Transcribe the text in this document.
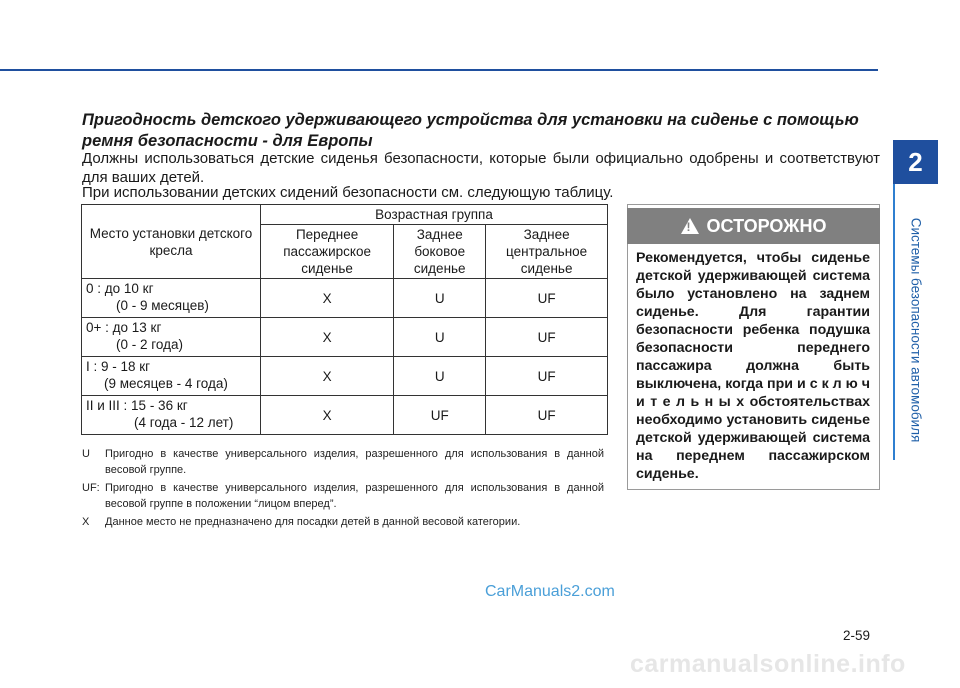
Пригодность детского удерживающего устройства для установки на сиденье с помощью ремня безопасности - для Европы
Должны использоваться детские сиденья безопасности, которые были официально одобрены и соответствуют для ваших детей.
При использовании детских сидений безопасности см. следующую таблицу.
Место установки детского кресла	Возрастная группа		
	Переднее пассажирское сиденье	Заднее боковое сиденье	Заднее центральное сиденье
0 : до 10 кг
(0 - 9 месяцев)	X	U	UF
0+ : до 13 кг
(0 - 2 года)	X	U	UF
I : 9 - 18 кг
(9 месяцев - 4 года)	X	U	UF
II и III : 15 - 36 кг
(4 года - 12 лет)	X	UF	UF
U	Пригодно в качестве универсального изделия, разрешенного для использования в данной весовой группе.
UF: Пригодно в качестве универсального изделия, разрешенного для использования в данной весовой группе в положении “лицом вперед”.
X	Данное место не предназначено для посадки детей в данной весовой категории.
!
ОСТОРОЖНО
Рекомендуется, чтобы сиденье детской удерживающей система было установлено на заднем сиденье. Для гарантии безопасности ребенка подушка безопасности переднего пассажира должна быть выключена, когда при и с к л ю ч и т е л ь н ы х обстоятельствах необходимо установить сиденье детской удерживающей система на переднем пассажирском сиденье.
2
Системы безопасности автомобиля
CarManuals2.com
2-59
carmanualsonline.info
